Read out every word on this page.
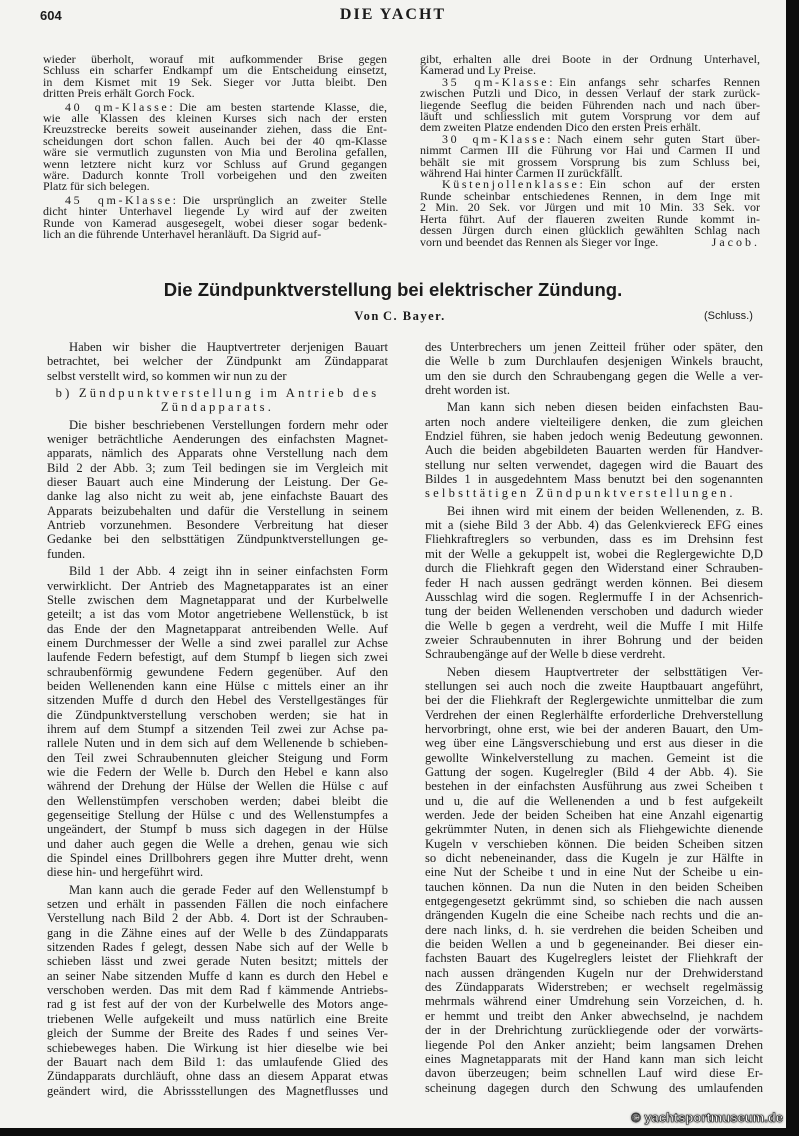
604	DIE YACHT
wieder überholt, worauf mit aufkommender Brise gegen
Schluss ein scharfer Endkampf um die Entscheidung einsetzt,
in dem Kismet mit 19 Sek. Sieger vor Jutta bleibt. Den
dritten Preis erhält Gorch Fock.
40 qm-Klasse: Die am besten startende Klasse, die,
wie alle Klassen des kleinen Kurses sich nach der ersten
Kreuzstrecke bereits soweit auseinander ziehen, dass die Ent-
scheidungen dort schon fallen. Auch bei der 40 qm-Klasse
wäre sie vermutlich zugunsten von Mia und Berolina gefallen,
wenn letztere nicht kurz vor Schluss auf Grund gegangen
wäre. Dadurch konnte Troll vorbeigehen und den zweiten
Platz für sich belegen.
45 qm-Klasse: Die ursprünglich an zweiter Stelle
dicht hinter Unterhavel liegende Ly wird auf der zweiten
Runde von Kamerad ausgesegelt, wobei dieser sogar bedenk-
lich an die führende Unterhavel heranläuft. Da Sigrid auf-
gibt, erhalten alle drei Boote in der Ordnung Unterhavel,
Kamerad und Ly Preise.
35 qm-Klasse: Ein anfangs sehr scharfes Rennen
zwischen Putzli und Dico, in dessen Verlauf der stark zurück-
liegende Seeflug die beiden Führenden nach und nach über-
läuft und schliesslich mit gutem Vorsprung vor dem auf
dem zweiten Platze endenden Dico den ersten Preis erhält.
30 qm-Klasse: Nach einem sehr guten Start über-
nimmt Carmen III die Führung vor Hai und Carmen II und
behält sie mit grossem Vorsprung bis zum Schluss bei,
während Hai hinter Carmen II zurückfällt.
Küstenjollenklasse: Ein schon auf der ersten
Runde scheinbar entschiedenes Rennen, in dem Inge mit
2 Min. 20 Sek. vor Jürgen und mit 10 Min. 33 Sek. vor
Herta führt. Auf der flaueren zweiten Runde kommt in-
dessen Jürgen durch einen glücklich gewählten Schlag nach
vorn und beendet das Rennen als Sieger vor Inge.	Jacob.
Die Zündpunktverstellung bei elektrischer Zündung.
Von C. Bayer.	(Schluss.)
Haben wir bisher die Hauptvertreter derjenigen Bauart
betrachtet, bei welcher der Zündpunkt am Zündapparat
selbst verstellt wird, so kommen wir nun zu der
b) Zündpunktverstellung im Antrieb des
Zündapparats.
Die bisher beschriebenen Verstellungen fordern mehr oder
weniger beträchtliche Aenderungen des einfachsten Magnet-
apparats, nämlich des Apparats ohne Verstellung nach dem
Bild 2 der Abb. 3; zum Teil bedingen sie im Vergleich mit
dieser Bauart auch eine Minderung der Leistung. Der Ge-
danke lag also nicht zu weit ab, jene einfachste Bauart des
Apparats beizubehalten und dafür die Verstellung in seinem
Antrieb vorzunehmen. Besondere Verbreitung hat dieser
Gedanke bei den selbsttätigen Zündpunktverstellungen ge-
funden.
Bild 1 der Abb. 4 zeigt ihn in seiner einfachsten Form
verwirklicht. Der Antrieb des Magnetapparates ist an einer
Stelle zwischen dem Magnetapparat und der Kurbelwelle
geteilt; a ist das vom Motor angetriebene Wellenstück, b ist
das Ende der den Magnetapparat antreibenden Welle. Auf
einem Durchmesser der Welle a sind zwei parallel zur Achse
laufende Federn befestigt, auf dem Stumpf b liegen sich zwei
schraubenförmig gewundene Federn gegenüber. Auf den
beiden Wellenenden kann eine Hülse c mittels einer an ihr
sitzenden Muffe d durch den Hebel des Verstellgestänges für
die Zündpunktverstellung verschoben werden; sie hat in
ihrem auf dem Stumpf a sitzenden Teil zwei zur Achse pa-
rallele Nuten und in dem sich auf dem Wellenende b schieben-
den Teil zwei Schraubennuten gleicher Steigung und Form
wie die Federn der Welle b. Durch den Hebel e kann also
während der Drehung der Hülse der Wellen die Hülse c auf
den Wellenstümpfen verschoben werden; dabei bleibt die
gegenseitige Stellung der Hülse c und des Wellenstumpfes a
ungeändert, der Stumpf b muss sich dagegen in der Hülse
und daher auch gegen die Welle a drehen, genau wie sich
die Spindel eines Drillbohrers gegen ihre Mutter dreht, wenn
diese hin- und hergeführt wird.
Man kann auch die gerade Feder auf den Wellenstumpf b
setzen und erhält in passenden Fällen die noch einfachere
Verstellung nach Bild 2 der Abb. 4. Dort ist der Schrauben-
gang in die Zähne eines auf der Welle b des Zündapparats
sitzenden Rades f gelegt, dessen Nabe sich auf der Welle b
schieben lässt und zwei gerade Nuten besitzt; mittels der
an seiner Nabe sitzenden Muffe d kann es durch den Hebel e
verschoben werden. Das mit dem Rad f kämmende Antriebs-
rad g ist fest auf der von der Kurbelwelle des Motors ange-
triebenen Welle aufgekeilt und muss natürlich eine Breite
gleich der Summe der Breite des Rades f und seines Ver-
schiebeweges haben. Die Wirkung ist hier dieselbe wie bei
der Bauart nach dem Bild 1: das umlaufende Glied des
Zündapparats durchläuft, ohne dass an diesem Apparat etwas
geändert wird, die Abrissstellungen des Magnetflusses und
des Unterbrechers um jenen Zeitteil früher oder später, den
die Welle b zum Durchlaufen desjenigen Winkels braucht,
um den sie durch den Schraubengang gegen die Welle a ver-
dreht worden ist.
Man kann sich neben diesen beiden einfachsten Bau-
arten noch andere vielteiligere denken, die zum gleichen
Endziel führen, sie haben jedoch wenig Bedeutung gewonnen.
Auch die beiden abgebildeten Bauarten werden für Handver-
stellung nur selten verwendet, dagegen wird die Bauart des
Bildes 1 in ausgedehntem Mass benutzt bei den sogenannten
selbsttätigen Zündpunktverstellungen.
Bei ihnen wird mit einem der beiden Wellenenden, z. B.
mit a (siehe Bild 3 der Abb. 4) das Gelenkviereck EFG eines
Fliehkraftreglers so verbunden, dass es im Drehsinn fest
mit der Welle a gekuppelt ist, wobei die Reglergewichte D,D
durch die Fliehkraft gegen den Widerstand einer Schrauben-
feder H nach aussen gedrängt werden können. Bei diesem
Ausschlag wird die sogen. Reglermuffe I in der Achsenrich-
tung der beiden Wellenenden verschoben und dadurch wieder
die Welle b gegen a verdreht, weil die Muffe I mit Hilfe
zweier Schraubennuten in ihrer Bohrung und der beiden
Schraubengänge auf der Welle b diese verdreht.
Neben diesem Hauptvertreter der selbsttätigen Ver-
stellungen sei auch noch die zweite Hauptbauart angeführt,
bei der die Fliehkraft der Reglergewichte unmittelbar die zum
Verdrehen der einen Reglerhälfte erforderliche Drehverstellung
hervorbringt, ohne erst, wie bei der anderen Bauart, den Um-
weg über eine Längsverschiebung und erst aus dieser in die
gewollte Winkelverstellung zu machen. Gemeint ist die
Gattung der sogen. Kugelregler (Bild 4 der Abb. 4). Sie
bestehen in der einfachsten Ausführung aus zwei Scheiben t
und u, die auf die Wellenenden a und b fest aufgekeilt
werden. Jede der beiden Scheiben hat eine Anzahl eigenartig
gekrümmter Nuten, in denen sich als Fliehgewichte dienende
Kugeln v verschieben können. Die beiden Scheiben sitzen
so dicht nebeneinander, dass die Kugeln je zur Hälfte in
eine Nut der Scheibe t und in eine Nut der Scheibe u ein-
tauchen können. Da nun die Nuten in den beiden Scheiben
entgegengesetzt gekrümmt sind, so schieben die nach aussen
drängenden Kugeln die eine Scheibe nach rechts und die an-
dere nach links, d. h. sie verdrehen die beiden Scheiben und
die beiden Wellen a und b gegeneinander. Bei dieser ein-
fachsten Bauart des Kugelreglers leistet der Fliehkraft der
nach aussen drängenden Kugeln nur der Drehwiderstand
des Zündapparats Widerstreben; er wechselt regelmässig
mehrmals während einer Umdrehung sein Vorzeichen, d. h.
er hemmt und treibt den Anker abwechselnd, je nachdem
der in der Drehrichtung zurückliegende oder der vorwärts-
liegende Pol den Anker anzieht; beim langsamen Drehen
eines Magnetapparats mit der Hand kann man sich leicht
davon überzeugen; beim schnellen Lauf wird diese Er-
scheinung dagegen durch den Schwung des umlaufenden
© yachtsportmuseum.de
